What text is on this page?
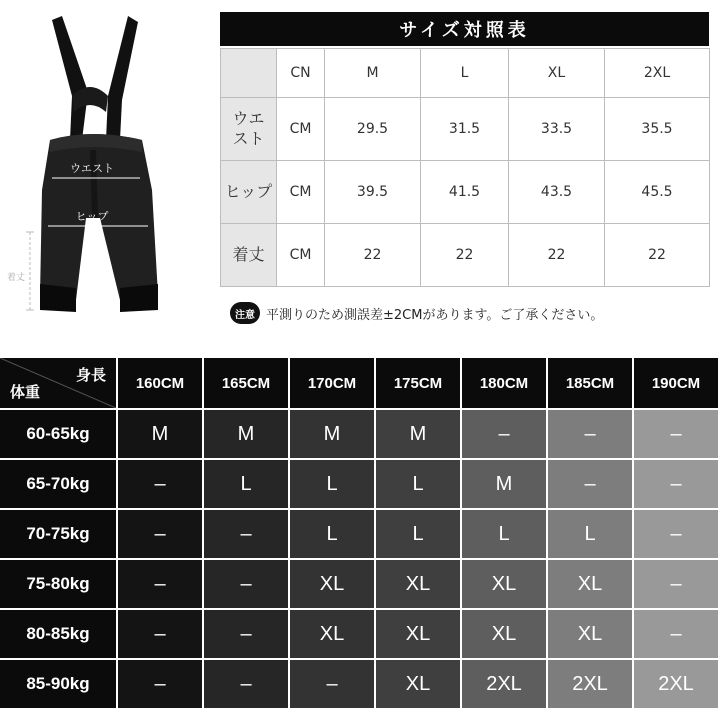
ウエスト
ヒップ
着丈
サイズ対照表
	CN	M	L	XL	2XL
ウエスト	CM	29.5	31.5	33.5	35.5
ヒップ	CM	39.5	41.5	43.5	45.5
着丈	CM	22	22	22	22
注意 平測りのため測誤差±2CMがあります。ご了承ください。
身長
体重
160CM	165CM	170CM	175CM	180CM	185CM	190CM
60-65kg	M	M	M	M	–	–	–
65-70kg	–	L	L	L	M	–	–
70-75kg	–	–	L	L	L	L	–
75-80kg	–	–	XL	XL	XL	XL	–
80-85kg	–	–	XL	XL	XL	XL	–
85-90kg	–	–	–	XL	2XL	2XL	2XL
